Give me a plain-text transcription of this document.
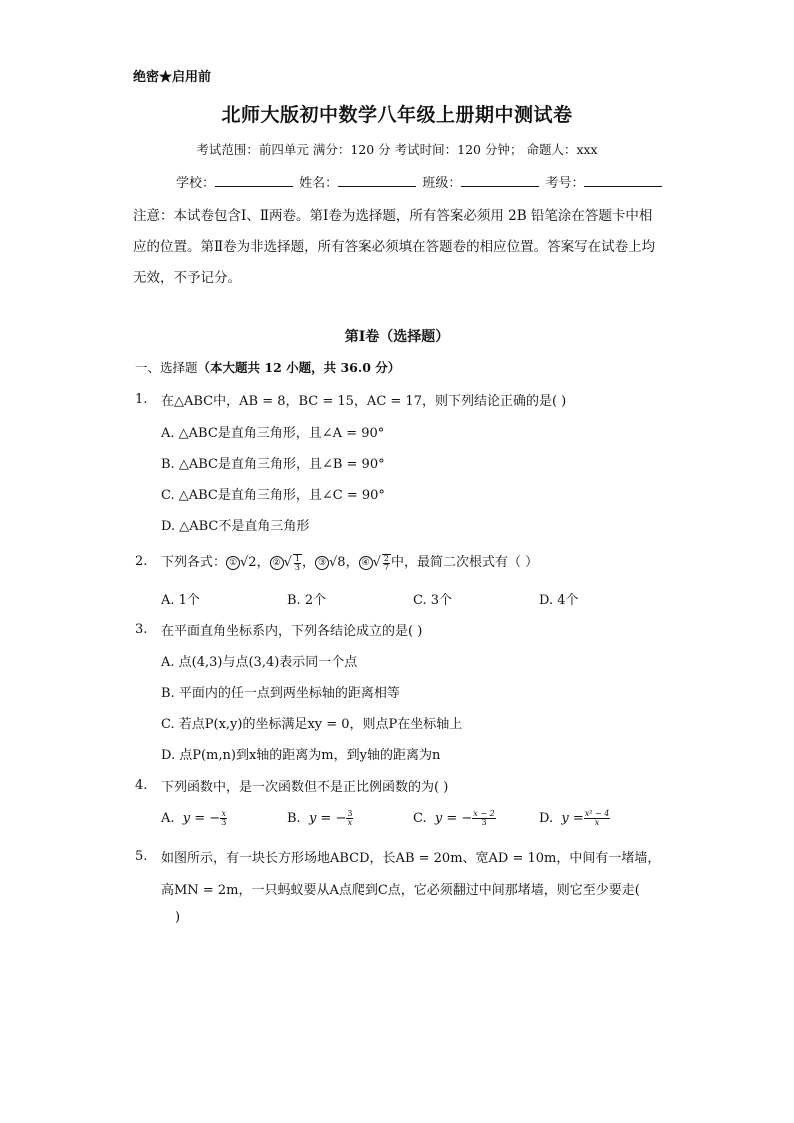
绝密★启用前
北师大版初中数学八年级上册期中测试卷
考试范围：前四单元 满分：120 分 考试时间：120 分钟； 命题人：xxx
学校：	姓名：	班级：	考号：
注意：本试卷包含Ⅰ、Ⅱ两卷。第Ⅰ卷为选择题，所有答案必须用 2B 铅笔涂在答题卡中相应的位置。第Ⅱ卷为非选择题，所有答案必须填在答题卷的相应位置。答案写在试卷上均无效，不予记分。
第Ⅰ卷（选择题）
一、选择题（本大题共 12 小题，共 36.0 分）
1. 在△ABC中，AB = 8，BC = 15，AC = 17，则下列结论正确的是( )
A. △ABC是直角三角形，且∠A = 90°
B. △ABC是直角三角形，且∠B = 90°
C. △ABC是直角三角形，且∠C = 90°
D. △ABC不是直角三角形
2. 下列各式： ① √2， ② √ $\frac{1}{3}$ ， ③ √8， ④ √ $\frac{2}{7}$ 中，最简二次根式有（ ）
A. 1个	B. 2个	C. 3个	D. 4个
3. 在平面直角坐标系内，下列各结论成立的是( )
A. 点(4,3)与点(3,4)表示同一个点
B. 平面内的任一点到两坐标轴的距离相等
C. 若点P(x,y)的坐标满足xy = 0，则点P在坐标轴上
D. 点P(m,n)到x轴的距离为m，到y轴的距离为n
4. 下列函数中，是一次函数但不是正比例函数的为( )
A. y = − $\frac{x}{3}$	B. y = − $\frac{3}{x}$	C. y = − $\frac{x - 2}{3}$	D. $y = \frac{\text{x² − 4}}{x}$
5. 如图所示，有一块长方形场地ABCD，长AB = 20m、宽AD = 10m，中间有一堵墙，
高MN = 2m，一只蚂蚁要从A点爬到C点，它必须翻过中间那堵墙，则它至少要走(
)
